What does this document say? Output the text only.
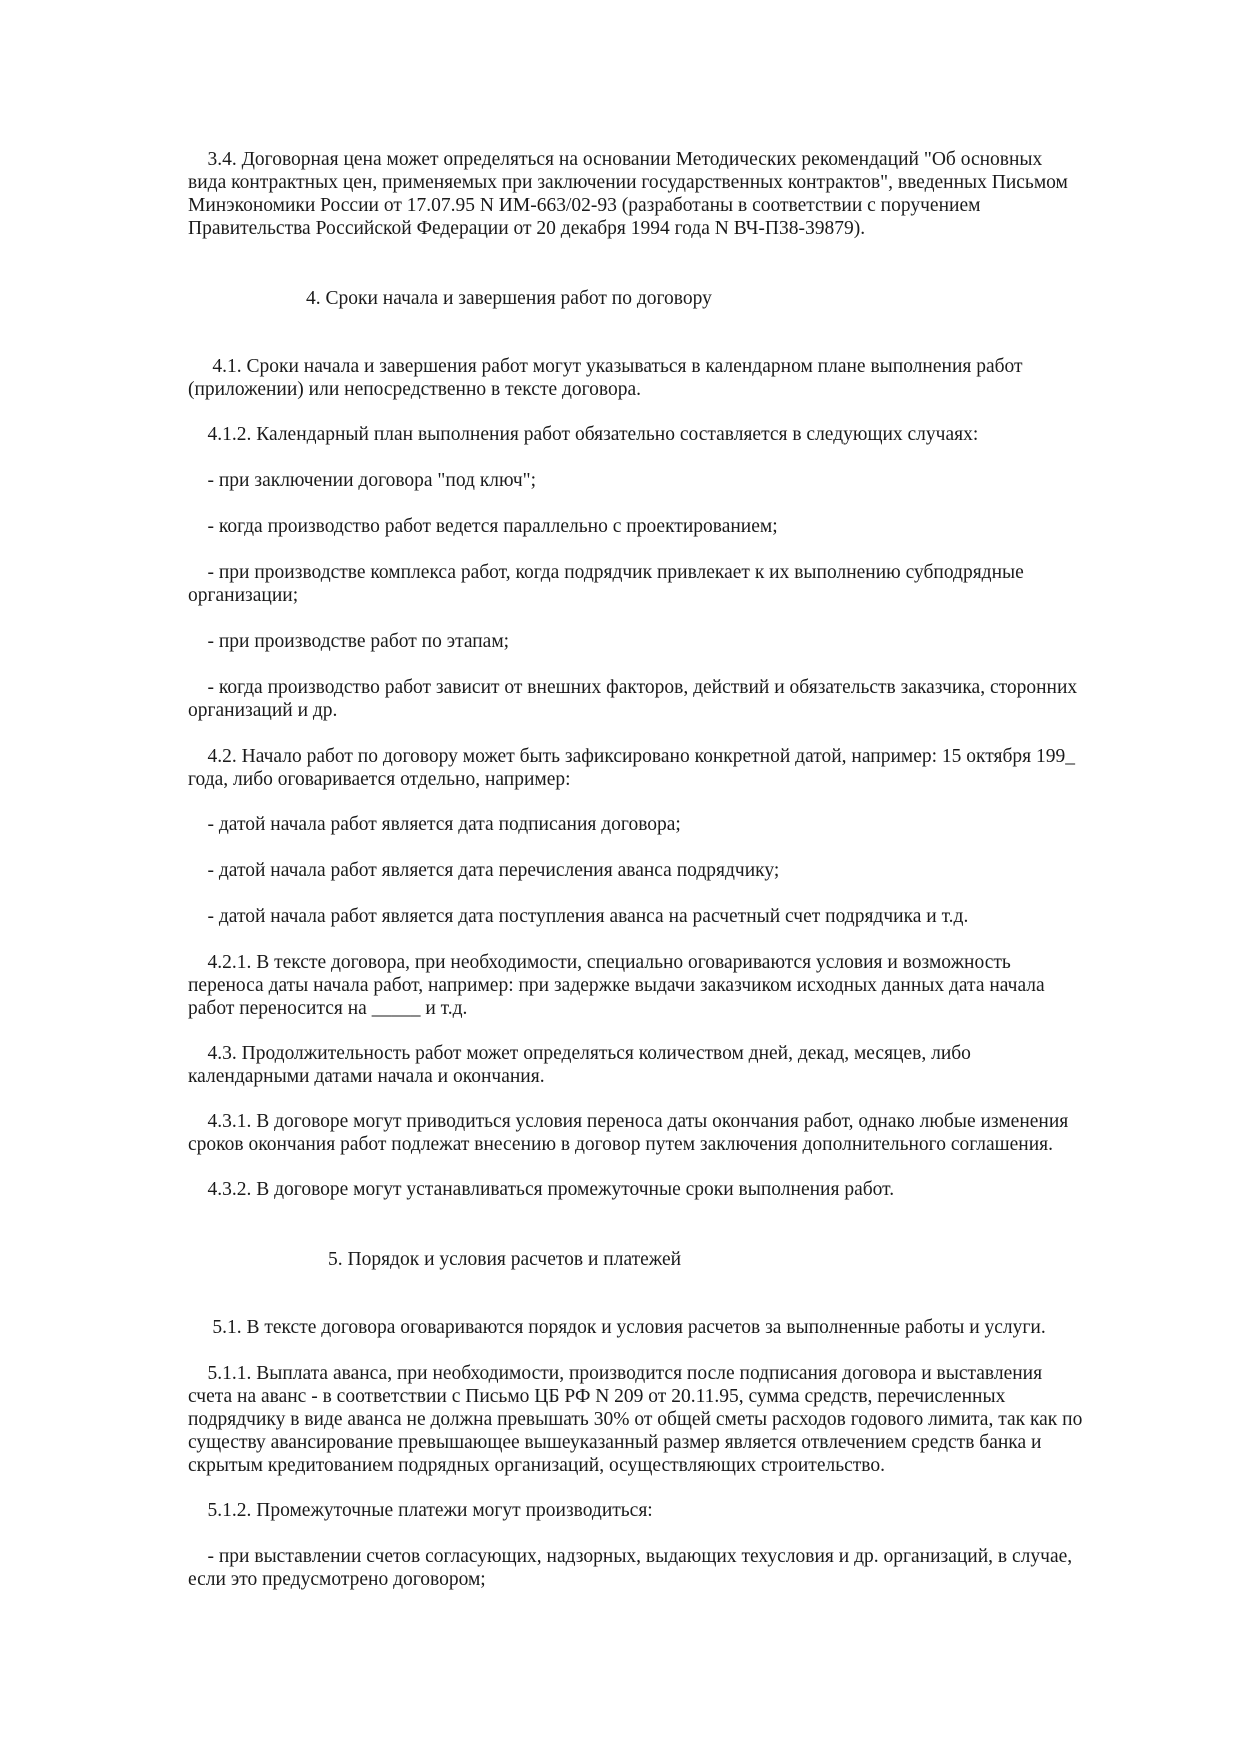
3.4. Договорная цена может определяться на основании Методических рекомендаций "Об основных
вида контрактных цен, применяемых при заключении государственных контрактов", введенных Письмом
Минэкономики России от 17.07.95 N ИМ-663/02-93 (разработаны в соответствии с поручением
Правительства Российской Федерации от 20 декабря 1994 года N ВЧ-П38-39879).
4. Сроки начала и завершения работ по договору
4.1. Сроки начала и завершения работ могут указываться в календарном плане выполнения работ
(приложении) или непосредственно в тексте договора.
4.1.2. Календарный план выполнения работ обязательно составляется в следующих случаях:
- при заключении договора "под ключ";
- когда производство работ ведется параллельно с проектированием;
- при производстве комплекса работ, когда подрядчик привлекает к их выполнению субподрядные
организации;
- при производстве работ по этапам;
- когда производство работ зависит от внешних факторов, действий и обязательств заказчика, сторонних
организаций и др.
4.2. Начало работ по договору может быть зафиксировано конкретной датой, например: 15 октября 199_
года, либо оговаривается отдельно, например:
- датой начала работ является дата подписания договора;
- датой начала работ является дата перечисления аванса подрядчику;
- датой начала работ является дата поступления аванса на расчетный счет подрядчика и т.д.
4.2.1. В тексте договора, при необходимости, специально оговариваются условия и возможность
переноса даты начала работ, например: при задержке выдачи заказчиком исходных данных дата начала
работ переносится на _____ и т.д.
4.3. Продолжительность работ может определяться количеством дней, декад, месяцев, либо
календарными датами начала и окончания.
4.3.1. В договоре могут приводиться условия переноса даты окончания работ, однако любые изменения
сроков окончания работ подлежат внесению в договор путем заключения дополнительного соглашения.
4.3.2. В договоре могут устанавливаться промежуточные сроки выполнения работ.
5. Порядок и условия расчетов и платежей
5.1. В тексте договора оговариваются порядок и условия расчетов за выполненные работы и услуги.
5.1.1. Выплата аванса, при необходимости, производится после подписания договора и выставления
счета на аванс - в соответствии с Письмо ЦБ РФ N 209 от 20.11.95, сумма средств, перечисленных
подрядчику в виде аванса не должна превышать 30% от общей сметы расходов годового лимита, так как по
существу авансирование превышающее вышеуказанный размер является отвлечением средств банка и
скрытым кредитованием подрядных организаций, осуществляющих строительство.
5.1.2. Промежуточные платежи могут производиться:
- при выставлении счетов согласующих, надзорных, выдающих техусловия и др. организаций, в случае,
если это предусмотрено договором;
